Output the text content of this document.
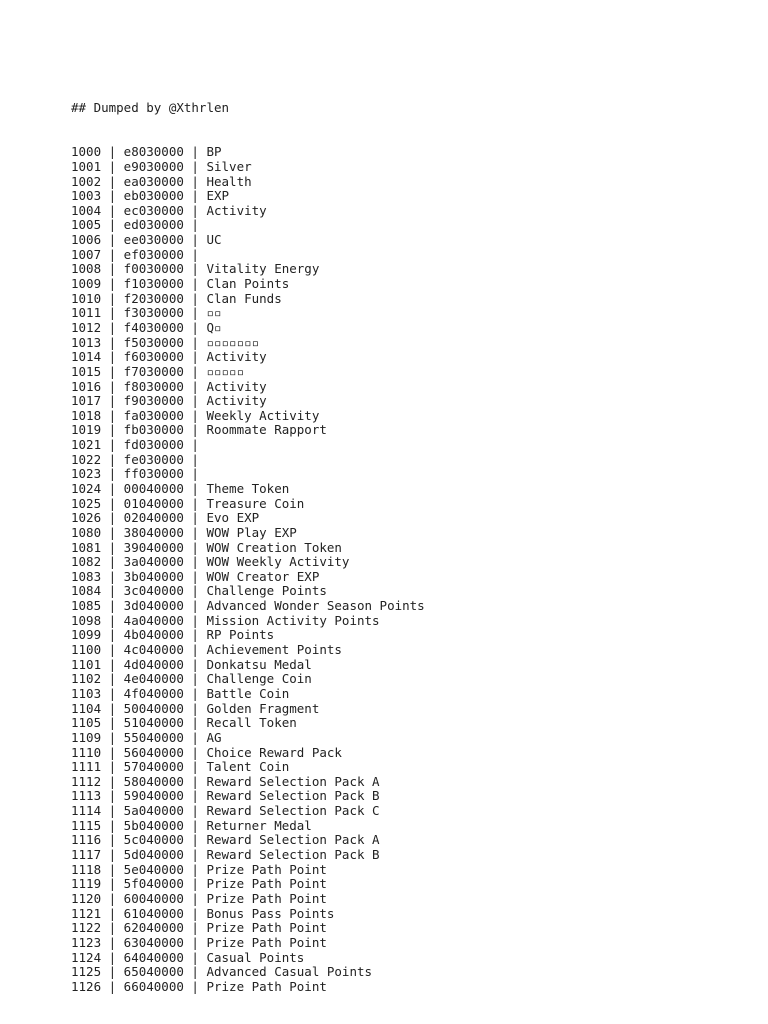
## Dumped by @Xthrlen

1000 | e8030000 | BP
1001 | e9030000 | Silver
1002 | ea030000 | Health
1003 | eb030000 | EXP
1004 | ec030000 | Activity
1005 | ed030000 |
1006 | ee030000 | UC
1007 | ef030000 |
1008 | f0030000 | Vitality Energy
1009 | f1030000 | Clan Points
1010 | f2030000 | Clan Funds
1011 | f3030000 | ▫▫
1012 | f4030000 | Q▫
1013 | f5030000 | ▫▫▫▫▫▫▫
1014 | f6030000 | Activity
1015 | f7030000 | ▫▫▫▫▫
1016 | f8030000 | Activity
1017 | f9030000 | Activity
1018 | fa030000 | Weekly Activity
1019 | fb030000 | Roommate Rapport
1021 | fd030000 |
1022 | fe030000 |
1023 | ff030000 |
1024 | 00040000 | Theme Token
1025 | 01040000 | Treasure Coin
1026 | 02040000 | Evo EXP
1080 | 38040000 | WOW Play EXP
1081 | 39040000 | WOW Creation Token
1082 | 3a040000 | WOW Weekly Activity
1083 | 3b040000 | WOW Creator EXP
1084 | 3c040000 | Challenge Points
1085 | 3d040000 | Advanced Wonder Season Points
1098 | 4a040000 | Mission Activity Points
1099 | 4b040000 | RP Points
1100 | 4c040000 | Achievement Points
1101 | 4d040000 | Donkatsu Medal
1102 | 4e040000 | Challenge Coin
1103 | 4f040000 | Battle Coin
1104 | 50040000 | Golden Fragment
1105 | 51040000 | Recall Token
1109 | 55040000 | AG
1110 | 56040000 | Choice Reward Pack
1111 | 57040000 | Talent Coin
1112 | 58040000 | Reward Selection Pack A
1113 | 59040000 | Reward Selection Pack B
1114 | 5a040000 | Reward Selection Pack C
1115 | 5b040000 | Returner Medal
1116 | 5c040000 | Reward Selection Pack A
1117 | 5d040000 | Reward Selection Pack B
1118 | 5e040000 | Prize Path Point
1119 | 5f040000 | Prize Path Point
1120 | 60040000 | Prize Path Point
1121 | 61040000 | Bonus Pass Points
1122 | 62040000 | Prize Path Point
1123 | 63040000 | Prize Path Point
1124 | 64040000 | Casual Points
1125 | 65040000 | Advanced Casual Points
1126 | 66040000 | Prize Path Point
